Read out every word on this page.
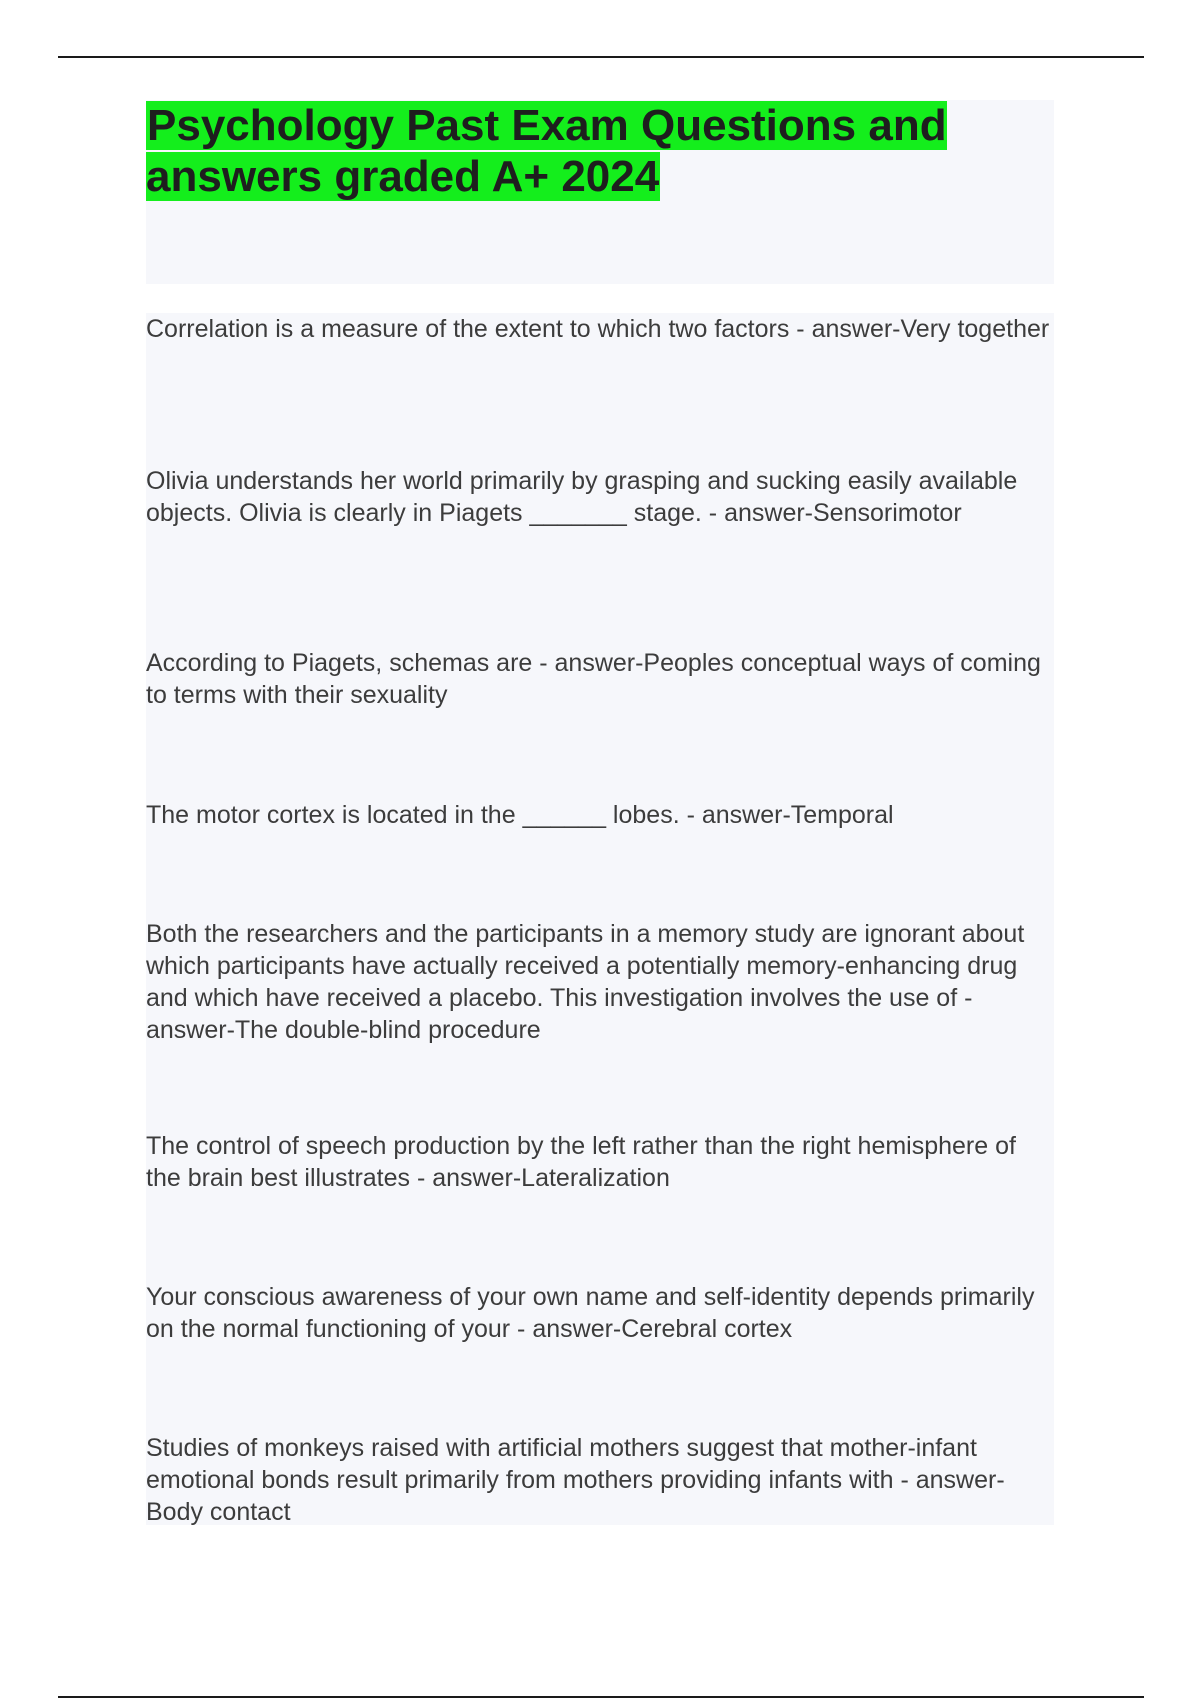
Psychology Past Exam Questions and answers graded A+ 2024

Correlation is a measure of the extent to which two factors - answer-Very together

Olivia understands her world primarily by grasping and sucking easily available objects. Olivia is clearly in Piagets _______ stage. - answer-Sensorimotor

According to Piagets, schemas are - answer-Peoples conceptual ways of coming to terms with their sexuality

The motor cortex is located in the ______ lobes. - answer-Temporal

Both the researchers and the participants in a memory study are ignorant about which participants have actually received a potentially memory-enhancing drug and which have received a placebo. This investigation involves the use of - answer-The double-blind procedure

The control of speech production by the left rather than the right hemisphere of the brain best illustrates - answer-Lateralization

Your conscious awareness of your own name and self-identity depends primarily on the normal functioning of your - answer-Cerebral cortex

Studies of monkeys raised with artificial mothers suggest that mother-infant emotional bonds result primarily from mothers providing infants with - answer-Body contact
